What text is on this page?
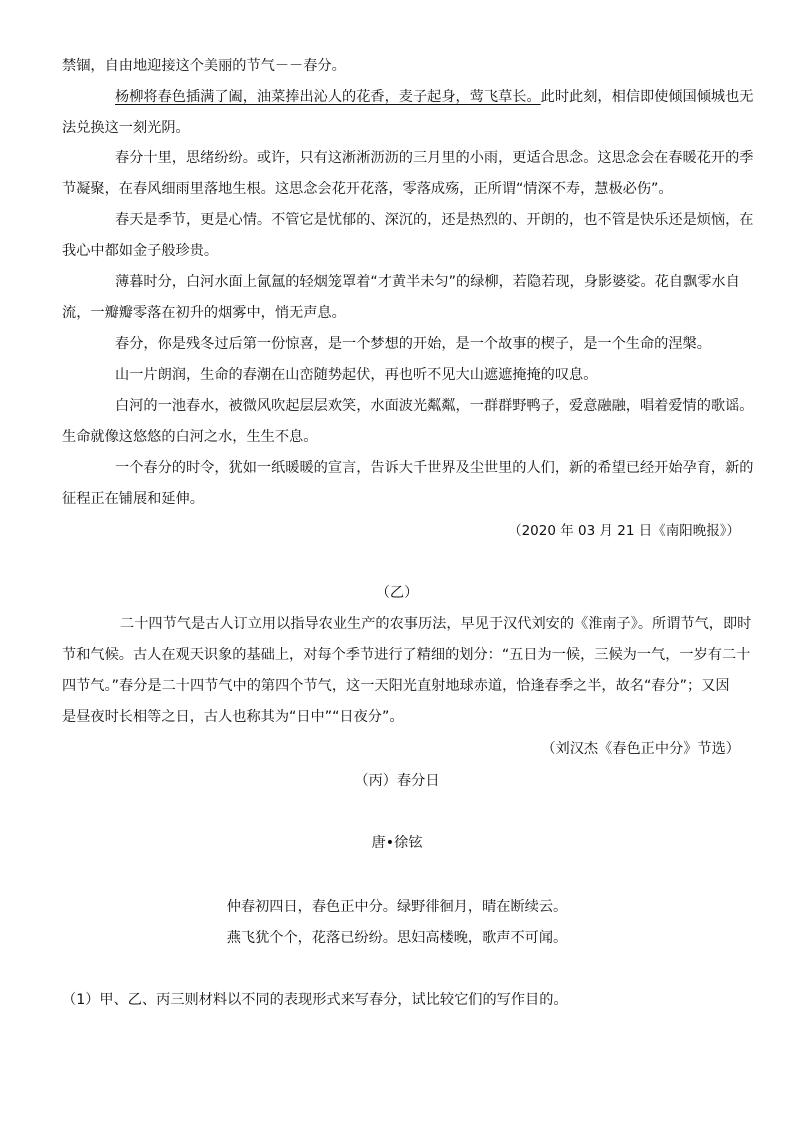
禁锢，自由地迎接这个美丽的节气－－春分。
杨柳将春色插满了阖，油菜捧出沁人的花香，麦子起身，莺飞草长。此时此刻，相信即使倾国倾城也无
法兑换这一刻光阴。
春分十里，思绪纷纷。或许，只有这淅淅沥沥的三月里的小雨，更适合思念。这思念会在春暖花开的季
节凝聚，在春风细雨里落地生根。这思念会花开花落，零落成殇，正所谓“情深不寿，慧极必伤”。
春天是季节，更是心情。不管它是忧郁的、深沉的，还是热烈的、开朗的，也不管是快乐还是烦恼，在
我心中都如金子般珍贵。
薄暮时分，白河水面上氤氲的轻烟笼罩着“才黄半未匀”的绿柳，若隐若现，身影婆娑。花自飘零水自
流，一瓣瓣零落在初升的烟雾中，悄无声息。
春分，你是残冬过后第一份惊喜，是一个梦想的开始，是一个故事的楔子，是一个生命的涅槃。
山一片朗润，生命的春潮在山峦随势起伏，再也听不见大山遮遮掩掩的叹息。
白河的一池春水，被微风吹起层层欢笑，水面波光粼粼，一群群野鸭子，爱意融融，唱着爱情的歌谣。
生命就像这悠悠的白河之水，生生不息。
一个春分的时令，犹如一纸暖暖的宣言，告诉大千世界及尘世里的人们，新的希望已经开始孕育，新的
征程正在铺展和延伸。
（2020 年 03 月 21 日《南阳晚报》）
（乙）
二十四节气是古人订立用以指导农业生产的农事历法，早见于汉代刘安的《淮南子》。所谓节气，即时
节和气候。古人在观天识象的基础上，对每个季节进行了精细的划分：“五日为一候，三候为一气，一岁有二十
四节气。”春分是二十四节气中的第四个节气，这一天阳光直射地球赤道，恰逢春季之半，故名“春分”；又因
是昼夜时长相等之日，古人也称其为“日中”“日夜分”。
（刘汉杰《春色正中分》节选）
（丙）春分日
唐•徐铉
仲春初四日，春色正中分。绿野徘徊月，晴在断续云。
燕飞犹个个，花落已纷纷。思妇高楼晚，歌声不可闻。
（1）甲、乙、丙三则材料以不同的表现形式来写春分，试比较它们的写作目的。
